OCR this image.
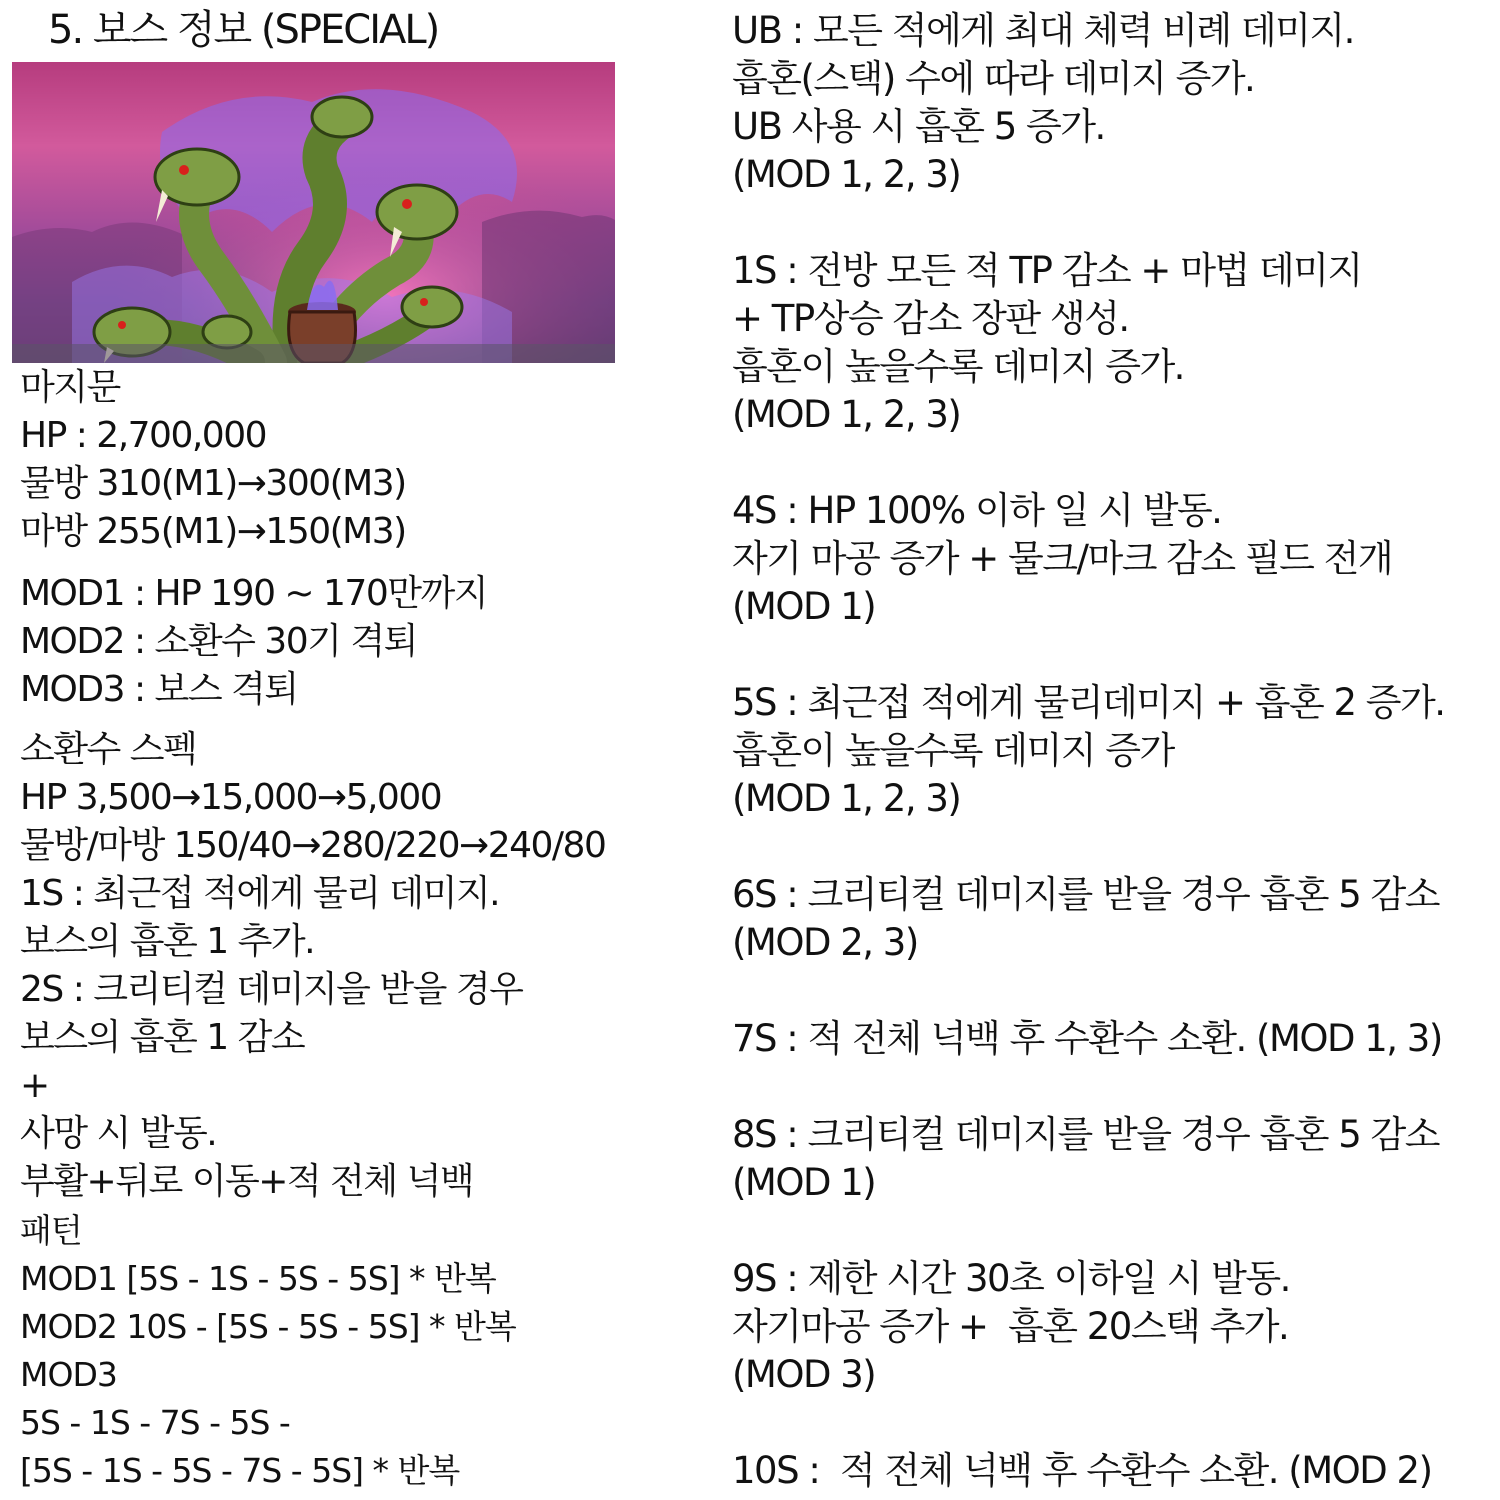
5. 보스 정보 (SPECIAL)
마지문
HP : 2,700,000
물방 310(M1)→300(M3)
마방 255(M1)→150(M3)
MOD1 : HP 190 ~ 170만까지
MOD2 : 소환수 30기 격퇴
MOD3 : 보스 격퇴
소환수 스펙
HP 3,500→15,000→5,000
물방/마방 150/40→280/220→240/80
1S : 최근접 적에게 물리 데미지.
보스의 흡혼 1 추가.
2S : 크리티컬 데미지을 받을 경우
보스의 흡혼 1 감소
+
사망 시 발동.
부활+뒤로 이동+적 전체 넉백
패턴
MOD1 [5S - 1S - 5S - 5S] * 반복
MOD2 10S - [5S - 5S - 5S] * 반복
MOD3
5S - 1S - 7S - 5S -
[5S - 1S - 5S - 7S - 5S] * 반복
UB : 모든 적에게 최대 체력 비례 데미지.
흡혼(스택) 수에 따라 데미지 증가.
UB 사용 시 흡혼 5 증가.
(MOD 1, 2, 3)
1S : 전방 모든 적 TP 감소 + 마법 데미지
+ TP상승 감소 장판 생성.
흡혼이 높을수록 데미지 증가.
(MOD 1, 2, 3)
4S : HP 100% 이하 일 시 발동.
자기 마공 증가 + 물크/마크 감소 필드 전개
(MOD 1)
5S : 최근접 적에게 물리데미지 + 흡혼 2 증가.
흡혼이 높을수록 데미지 증가
(MOD 1, 2, 3)
6S : 크리티컬 데미지를 받을 경우 흡혼 5 감소
(MOD 2, 3)
7S : 적 전체 넉백 후 수환수 소환. (MOD 1, 3)
8S : 크리티컬 데미지를 받을 경우 흡혼 5 감소
(MOD 1)
9S : 제한 시간 30초 이하일 시 발동.
자기마공 증가 +  흡혼 20스택 추가.
(MOD 3)
10S :  적 전체 넉백 후 수환수 소환. (MOD 2)
